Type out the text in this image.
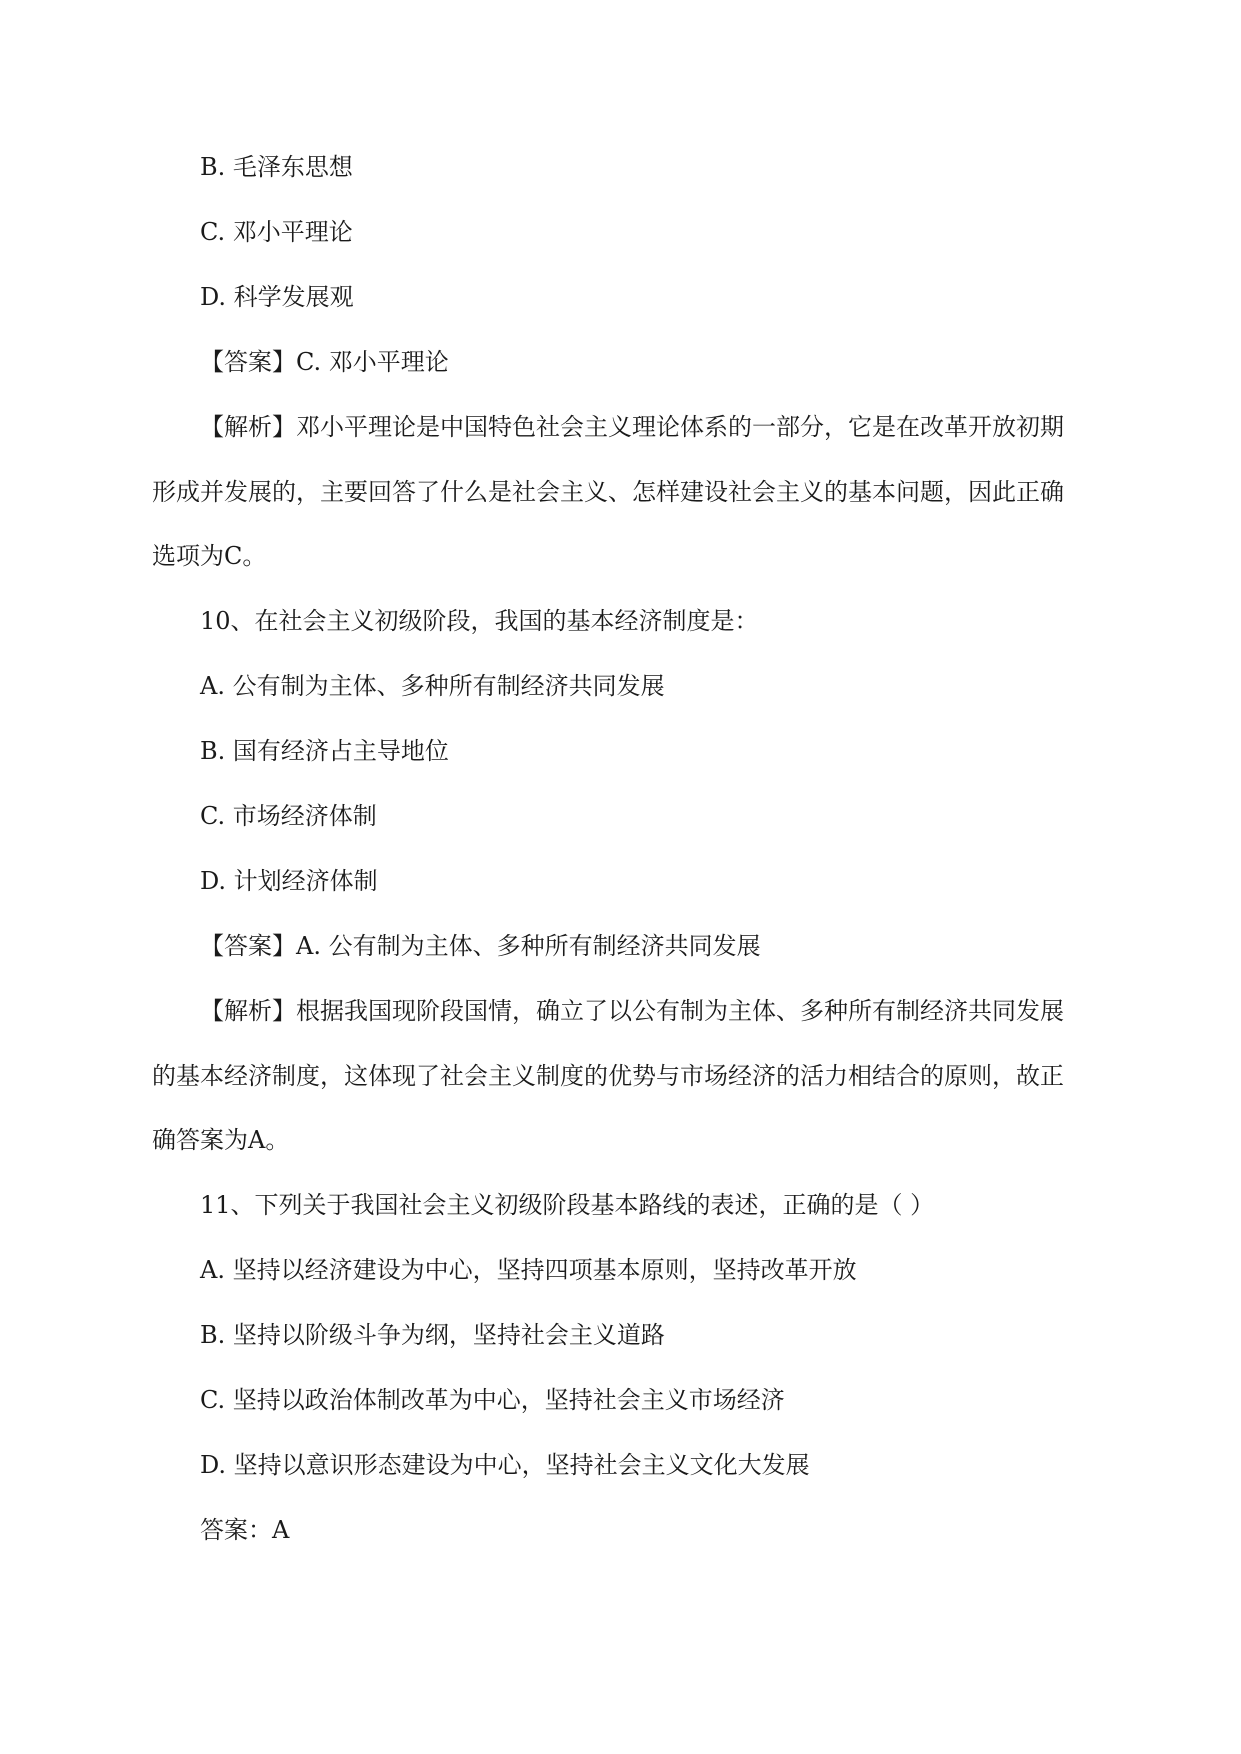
B. 毛泽东思想
C. 邓小平理论
D. 科学发展观
【答案】C. 邓小平理论
【解析】邓小平理论是中国特色社会主义理论体系的一部分，它是在改革开放初期
形成并发展的，主要回答了什么是社会主义、怎样建设社会主义的基本问题，因此正确
选项为C。
10、在社会主义初级阶段，我国的基本经济制度是：
A. 公有制为主体、多种所有制经济共同发展
B. 国有经济占主导地位
C. 市场经济体制
D. 计划经济体制
【答案】A. 公有制为主体、多种所有制经济共同发展
【解析】根据我国现阶段国情，确立了以公有制为主体、多种所有制经济共同发展
的基本经济制度，这体现了社会主义制度的优势与市场经济的活力相结合的原则，故正
确答案为A。
11、下列关于我国社会主义初级阶段基本路线的表述，正确的是（ ）
A. 坚持以经济建设为中心，坚持四项基本原则，坚持改革开放
B. 坚持以阶级斗争为纲，坚持社会主义道路
C. 坚持以政治体制改革为中心，坚持社会主义市场经济
D. 坚持以意识形态建设为中心，坚持社会主义文化大发展
答案：A
